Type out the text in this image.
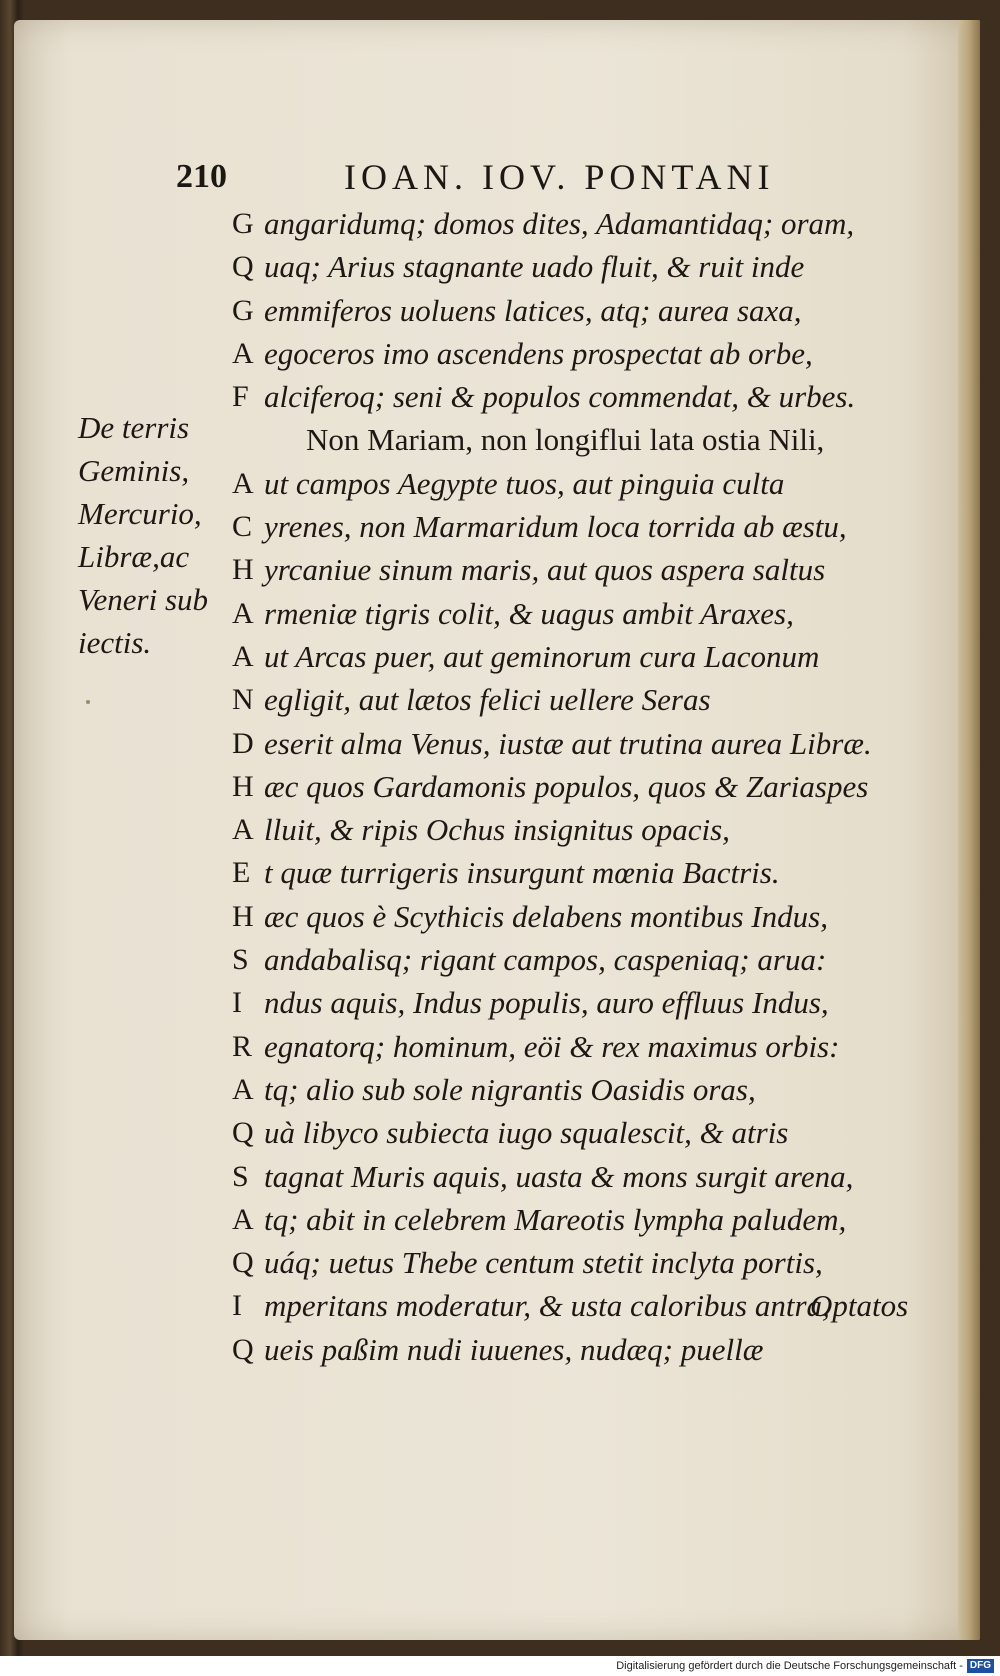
210	IOAN. IOV. PONTANI
De terris
Geminis,
Mercurio,
Libræ,ac
Veneri sub
iectis.
G angaridumq; domos dites, Adamantidaq; oram,
Q uaq; Arius stagnante uado fluit, & ruit inde
G emmiferos uoluens latices, atq; aurea saxa,
A egoceros imo ascendens prospectat ab orbe,
F alciferoq; seni & populos commendat, & urbes.
Non Mariam, non longiflui lata ostia Nili,
A ut campos Aegypte tuos, aut pinguia culta
C yrenes, non Marmaridum loca torrida ab æstu,
H yrcaniue sinum maris, aut quos aspera saltus
A rmeniæ tigris colit, & uagus ambit Araxes,
A ut Arcas puer, aut geminorum cura Laconum
N egligit, aut lætos felici uellere Seras
D eserit alma Venus, iustæ aut trutina aurea Libræ.
H æc quos Gardamonis populos, quos & Zariaspes
A lluit, & ripis Ochus insignitus opacis,
E t quæ turrigeris insurgunt mœnia Bactris.
H æc quos è Scythicis delabens montibus Indus,
S andabalisq; rigant campos, caspeniaq; arua:
I ndus aquis, Indus populis, auro effluus Indus,
R egnatorq; hominum, eöi & rex maximus orbis:
A tq; alio sub sole nigrantis Oasidis oras,
Q uà libyco subiecta iugo squalescit, & atris
S tagnat Muris aquis, uasta & mons surgit arena,
A tq; abit in celebrem Mareotis lympha paludem,
Q uáq; uetus Thebe centum stetit inclyta portis,
I mperitans moderatur, & usta caloribus antra,
Q ueis paßim nudi iuuenes, nudæq; puellæ
Optatos
Digitalisierung gefördert durch die Deutsche Forschungsgemeinschaft - DFG
